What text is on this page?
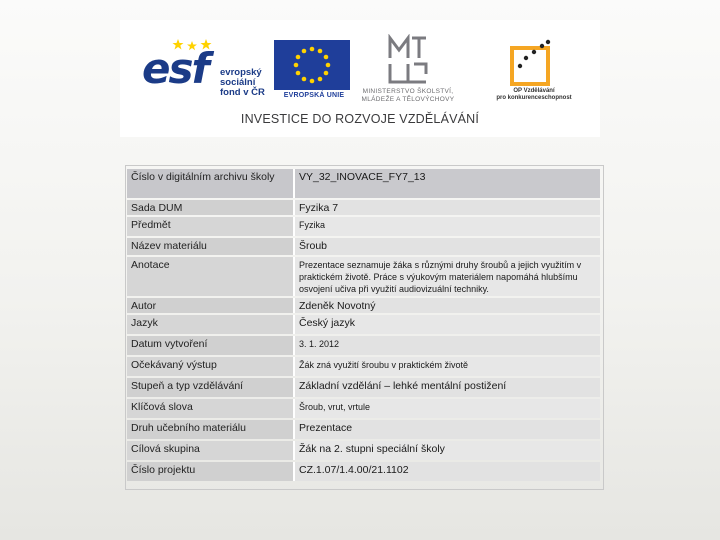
esf evropský
sociální
fond v ČR	EVROPSKÁ UNIE
MINISTERSTVO ŠKOLSTVÍ,
MLÁDEŽE A TĚLOVÝCHOVY
OP Vzdělávání
pro konkurenceschopnost
INVESTICE DO ROZVOJE VZDĚLÁVÁNÍ
Číslo v digitálním archivu školy	VY_32_INOVACE_FY7_13
Sada DUM	Fyzika 7
Předmět	Fyzika
Název materiálu	Šroub
Anotace	Prezentace seznamuje žáka s různými druhy šroubů a jejich využitím v praktickém životě. Práce s výukovým materiálem napomáhá hlubšímu osvojení učiva při využití audiovizuální techniky.
Autor	Zdeněk Novotný
Jazyk	Český jazyk
Datum vytvoření	3. 1. 2012
Očekávaný výstup	Žák zná využití šroubu v praktickém životě
Stupeň a typ vzdělávání	Základní vzdělání – lehké mentální postižení
Klíčová slova	Šroub, vrut, vrtule
Druh učebního materiálu	Prezentace
Cílová skupina	Žák na 2. stupni speciální školy
Číslo projektu	CZ.1.07/1.4.00/21.1102
